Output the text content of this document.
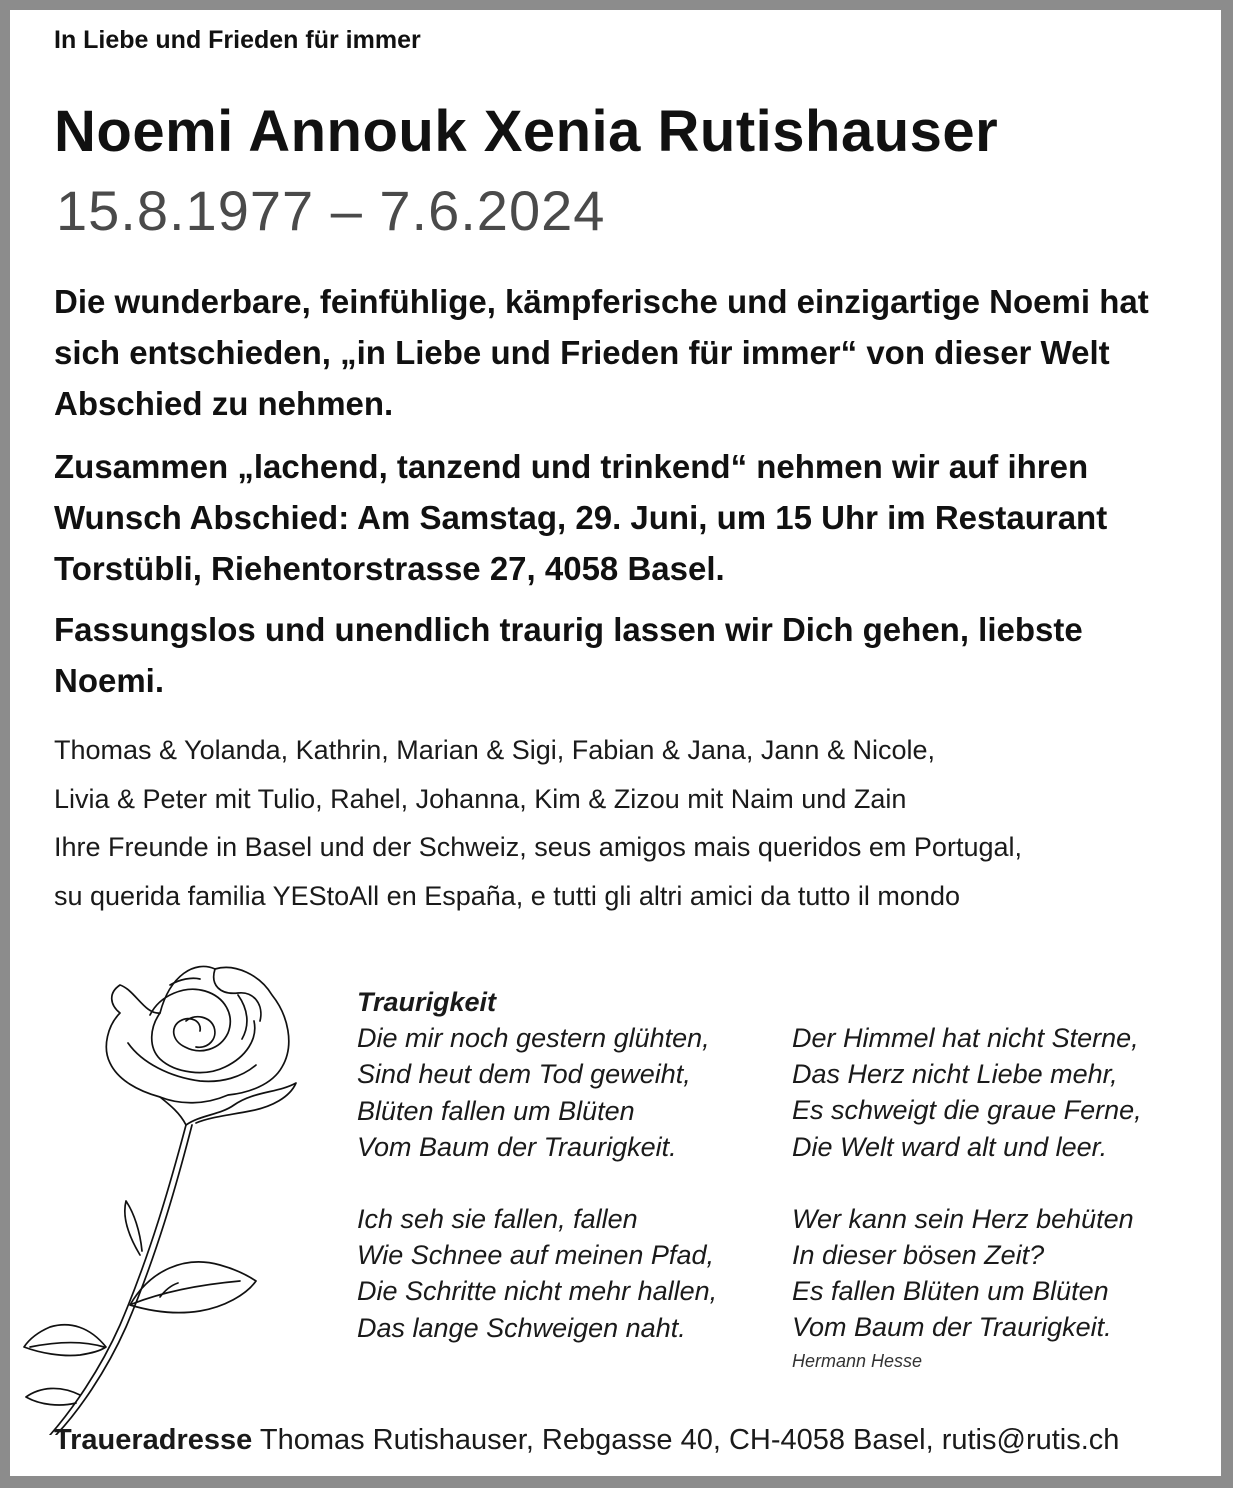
In Liebe und Frieden für immer
Noemi Annouk Xenia Rutishauser
15.8.1977 – 7.6.2024
Die wunderbare, feinfühlige, kämpferische und einzigartige Noemi hat sich entschieden, „in Liebe und Frieden für immer“ von dieser Welt Abschied zu nehmen.
Zusammen „lachend, tanzend und trinkend“ nehmen wir auf ihren Wunsch Abschied: Am Samstag, 29. Juni, um 15 Uhr im Restaurant Torstübli, Riehentorstrasse 27, 4058 Basel.
Fassungslos und unendlich traurig lassen wir Dich gehen, liebste Noemi.
Thomas & Yolanda, Kathrin, Marian & Sigi, Fabian & Jana, Jann & Nicole,
Livia & Peter mit Tulio, Rahel, Johanna, Kim & Zizou mit Naim und Zain
Ihre Freunde in Basel und der Schweiz, seus amigos mais queridos em Portugal,
su querida familia YEStoAll en España, e tutti gli altri amici da tutto il mondo
Traurigkeit
Die mir noch gestern glühten,
Sind heut dem Tod geweiht,
Blüten fallen um Blüten
Vom Baum der Traurigkeit.
Ich seh sie fallen, fallen
Wie Schnee auf meinen Pfad,
Die Schritte nicht mehr hallen,
Das lange Schweigen naht.
Der Himmel hat nicht Sterne,
Das Herz nicht Liebe mehr,
Es schweigt die graue Ferne,
Die Welt ward alt und leer.
Wer kann sein Herz behüten
In dieser bösen Zeit?
Es fallen Blüten um Blüten
Vom Baum der Traurigkeit.
Hermann Hesse
Traueradresse Thomas Rutishauser, Rebgasse 40, CH-4058 Basel, rutis@rutis.ch
